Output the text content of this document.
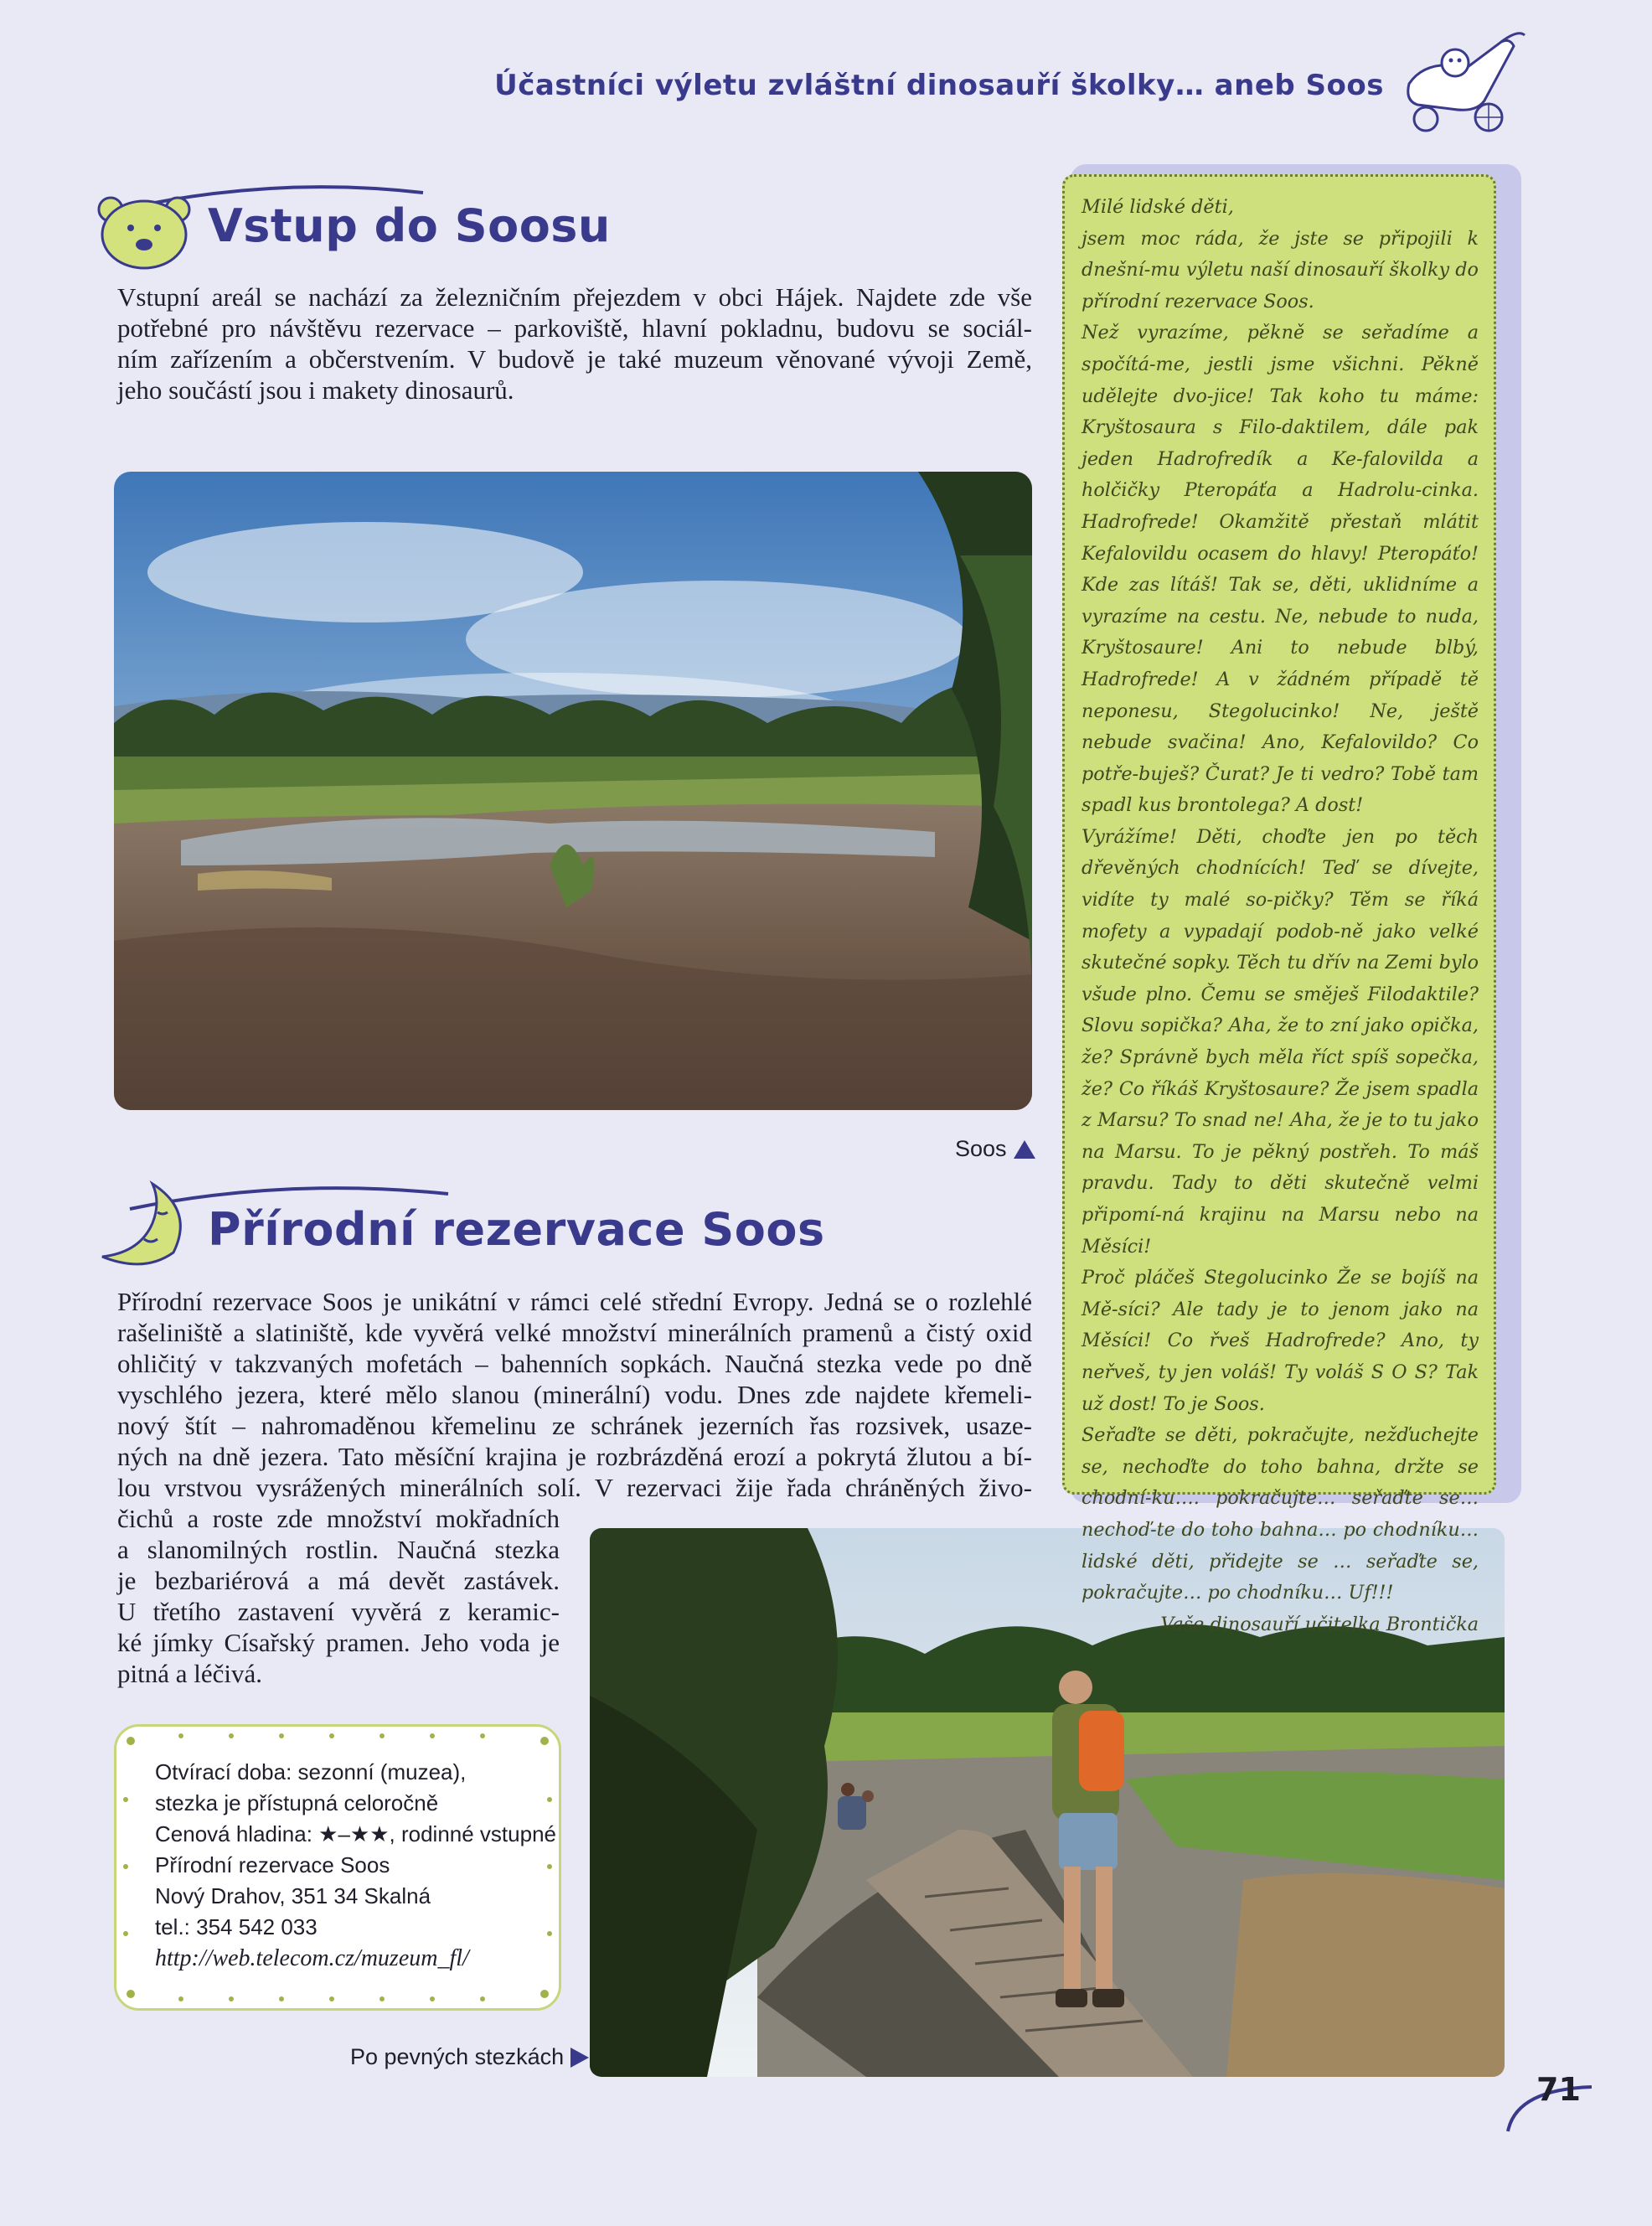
Účastníci výletu zvláštní dinosauří školky… aneb Soos
Vstup do Soosu

Vstupní areál se nachází za železničním přejezdem v obci Hájek. Najdete zde vše

potřebné pro návštěvu rezervace – parkoviště, hlavní pokladnu, budovu se sociál-

ním zařízením a občerstvením. V budově je také muzeum věnované vývoji Země,

jeho součástí jsou i makety dinosaurů.

Soos
Přírodní rezervace Soos

Přírodní rezervace Soos je unikátní v rámci celé střední Evropy. Jedná se o rozlehlé

rašeliniště a slatiniště, kde vyvěrá velké množství minerálních pramenů a čistý oxid

ohličitý v takzvaných mofetách – bahenních sopkách. Naučná stezka vede po dně

vyschlého jezera, které mělo slanou (minerální) vodu. Dnes zde najdete křemeli-

nový štít – nahromaděnou křemelinu ze schránek jezerních řas rozsivek, usaze-

ných na dně jezera. Tato měsíční krajina je rozbrázděná erozí a pokrytá žlutou a bí-

lou vrstvou vysrážených minerálních solí. V rezervaci žije řada chráněných živo-

čichů a roste zde množství mokřadních

a slanomilných rostlin. Naučná stezka

je bezbariérová a má devět zastávek.

U třetího zastavení vyvěrá z keramic-

ké jímky Císařský pramen. Jeho voda je

pitná a léčivá.

Otvírací doba: sezonní (muzea),
stezka je přístupná celoročně
Cenová hladina: ★–★★, rodinné vstupné
Přírodní rezervace Soos
Nový Drahov, 351 34 Skalná
tel.: 354 542 033
http://web.telecom.cz/muzeum_fl/
Po pevných stezkách

Milé lidské děti,

jsem moc ráda, že jste se připojili k dnešní-mu výletu naší dinosauří školky do přírodní rezervace Soos.

Než vyrazíme, pěkně se seřadíme a spočítá-me, jestli jsme všichni. Pěkně udělejte dvo-jice! Tak koho tu máme: Kryštosaura s Filo-daktilem, dále pak jeden Hadrofredík a Ke-falovilda a holčičky Pteropáťa a Hadrolu-cinka. Hadrofrede! Okamžitě přestaň mlátit Kefalovildu ocasem do hlavy! Pteropáťo! Kde zas lítáš! Tak se, děti, uklidníme a vyrazíme na cestu. Ne, nebude to nuda, Kryštosaure! Ani to nebude blbý, Hadrofrede! A v žádném případě tě neponesu, Stegolucinko! Ne, ještě nebude svačina! Ano, Kefalovildo? Co potře-buješ? Čurat? Je ti vedro? Tobě tam spadl kus brontolega? A dost!

Vyrážíme! Děti, choďte jen po těch dřevěných chodnících! Teď se dívejte, vidíte ty malé so-pičky? Těm se říká mofety a vypadají podob-ně jako velké skutečné sopky. Těch tu dřív na Zemi bylo všude plno. Čemu se směješ Filodaktile? Slovu sopička? Aha, že to zní jako opička, že? Správně bych měla říct spíš sopečka, že? Co říkáš Kryštosaure? Že jsem spadla z Marsu? To snad ne! Aha, že je to tu jako na Marsu. To je pěkný postřeh. To máš pravdu. Tady to děti skutečně velmi připomí-ná krajinu na Marsu nebo na Měsíci!

Proč pláčeš Stegolucinko Že se bojíš na Mě-síci? Ale tady je to jenom jako na Měsíci! Co řveš Hadrofrede? Ano, ty neřveš, ty jen voláš! Ty voláš S O S? Tak už dost! To je Soos.

Seřaďte se děti, pokračujte, nežďuchejte se, nechoďte do toho bahna, držte se chodní-ku…. pokračujte… seřaďte se… nechoď-te do toho bahna… po chodníku… lidské děti, přidejte se … seřaďte se, pokračujte… po chodníku… Uf!!!

Vaše dinosauří učitelka Brontička

71
